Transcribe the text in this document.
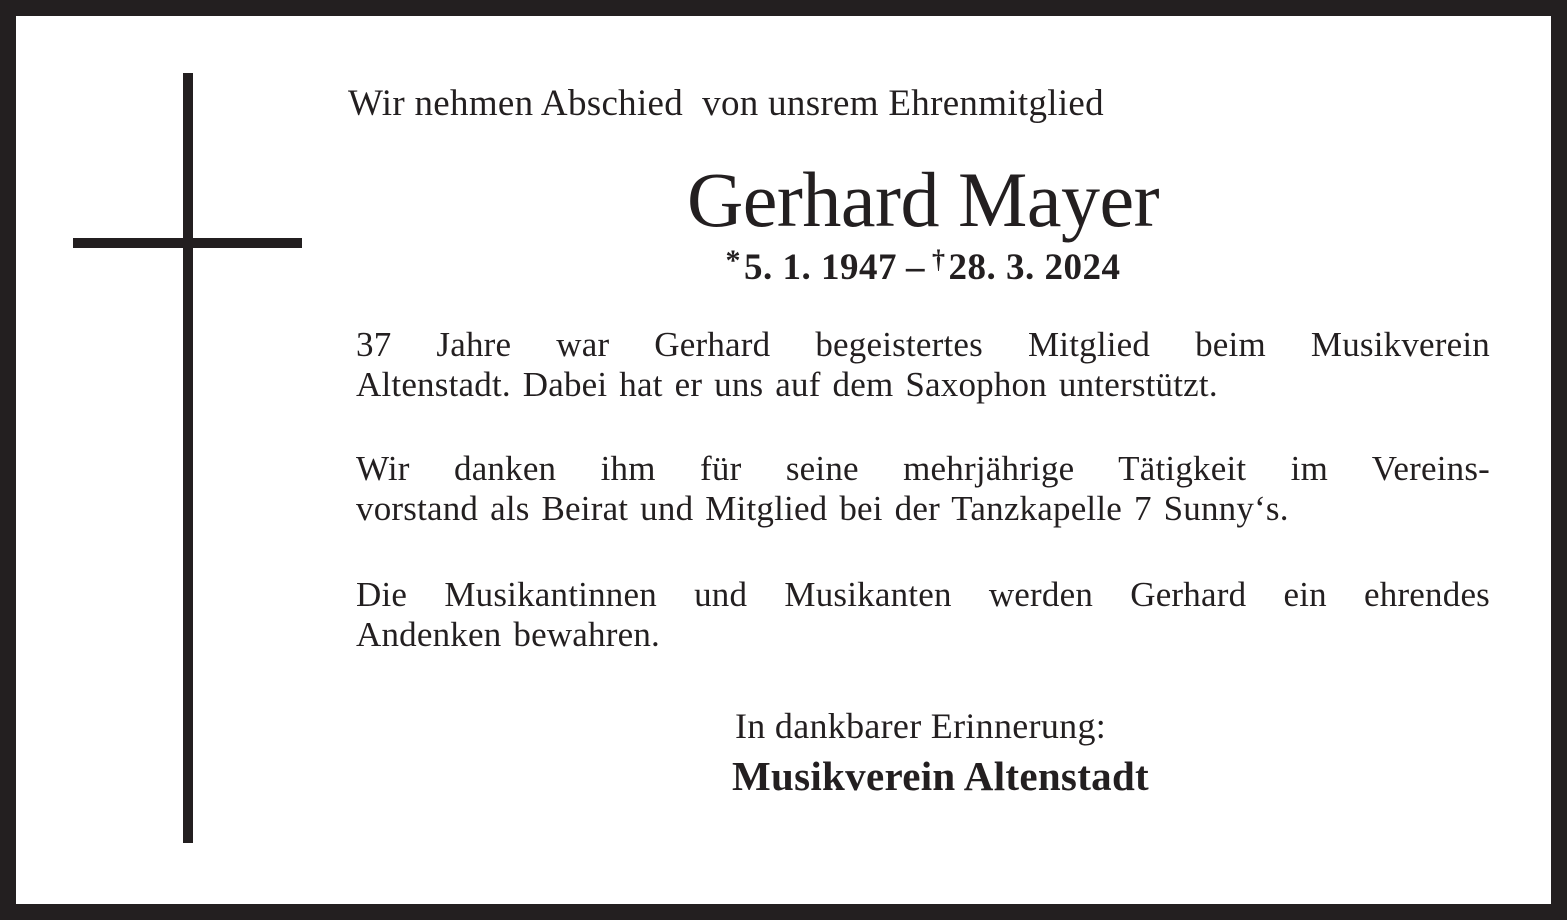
Wir nehmen Abschied  von unsrem Ehrenmitglied
Gerhard Mayer
*5. 1. 1947 – †28. 3. 2024
37 Jahre war Gerhard begeistertes Mitglied beim Musikverein
Altenstadt. Dabei hat er uns auf dem Saxophon unterstützt.
Wir danken ihm für seine mehrjährige Tätigkeit im Vereins-
vorstand als Beirat und Mitglied bei der Tanzkapelle 7 Sunny‘s.
Die Musikantinnen und Musikanten werden Gerhard ein ehrendes
Andenken bewahren.
In dankbarer Erinnerung:
Musikverein Altenstadt
